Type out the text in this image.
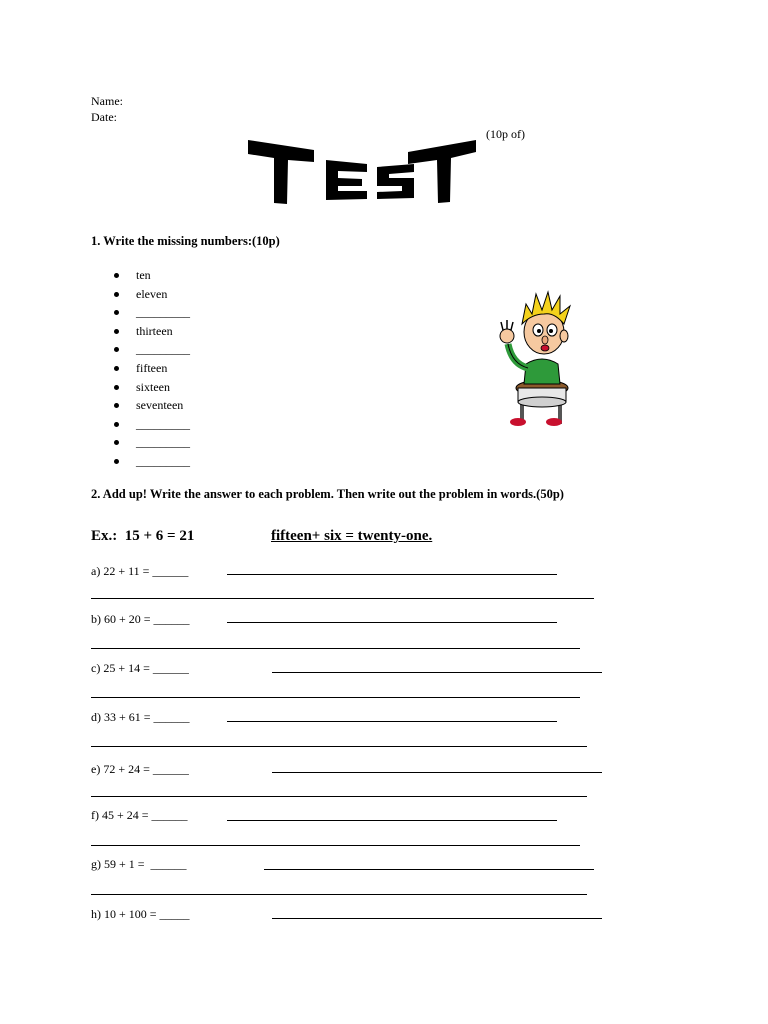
Name:
Date:
(10p of)
TEST
1. Write the missing numbers:(10p)
ten
eleven
_________
thirteen
_________
fifteen
sixteen
seventeen
_________
_________
_________
2. Add up! Write the answer to each problem. Then write out the problem in words.(50p)
Ex.:  15 + 6 = 21	fifteen+ six = twenty-one.
a) 22 + 11 = ______
b) 60 + 20 = ______
c) 25 + 14 = ______
d) 33 + 61 = ______
e) 72 + 24 = ______
f) 45 + 24 = ______
g) 59 + 1 =  ______
h) 10 + 100 = _____
